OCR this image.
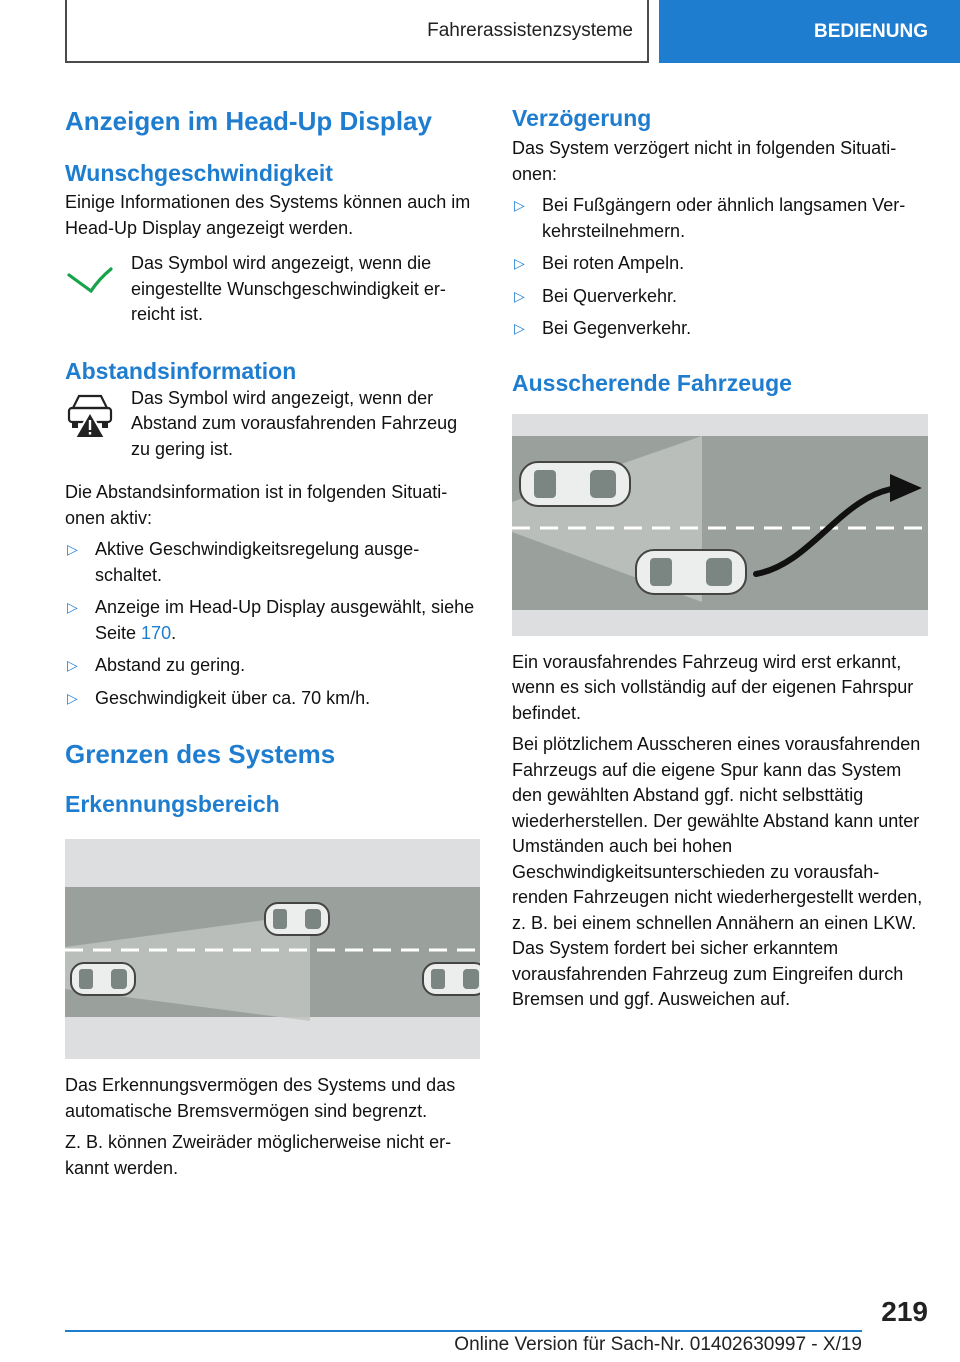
Fahrerassistenzsysteme	BEDIENUNG
Anzeigen im Head-Up Display
Wunschgeschwindigkeit

Einige Informationen des Systems können auch im Head-Up Display angezeigt werden.

Das Symbol wird angezeigt, wenn die eingestellte Wunschgeschwindigkeit erreicht ist.

Abstandsinformation

Das Symbol wird angezeigt, wenn der Abstand zum vorausfahrenden Fahrzeug zu gering ist.

Die Abstandsinformation ist in folgenden Situationen aktiv:

▷ Aktive Geschwindigkeitsregelung ausgeschaltet.
▷ Anzeige im Head-Up Display ausgewählt, siehe Seite 170.
▷ Abstand zu gering.
▷ Geschwindigkeit über ca. 70 km/h.
Grenzen des Systems
Erkennungsbereich

Das Erkennungsvermögen des Systems und das automatische Bremsvermögen sind begrenzt.

Z. B. können Zweiräder möglicherweise nicht erkannt werden.

Verzögerung

Das System verzögert nicht in folgenden Situationen:

▷ Bei Fußgängern oder ähnlich langsamen Verkehrsteilnehmern.
▷ Bei roten Ampeln.
▷ Bei Querverkehr.
▷ Bei Gegenverkehr.
Ausscherende Fahrzeuge

Ein vorausfahrendes Fahrzeug wird erst erkannt, wenn es sich vollständig auf der eigenen Fahrspur befindet.

Bei plötzlichem Ausscheren eines vorausfahrenden Fahrzeugs auf die eigene Spur kann das System den gewählten Abstand ggf. nicht selbsttätig wiederherstellen. Der gewählte Abstand kann unter Umständen auch bei hohen Geschwindigkeitsunterschieden zu vorausfahrenden Fahrzeugen nicht wiederhergestellt werden, z. B. bei einem schnellen Annähern an einen LKW. Das System fordert bei sicher erkanntem vorausfahrenden Fahrzeug zum Eingreifen durch Bremsen und ggf. Ausweichen auf.

219
Online Version für Sach-Nr. 01402630997 - X/19
